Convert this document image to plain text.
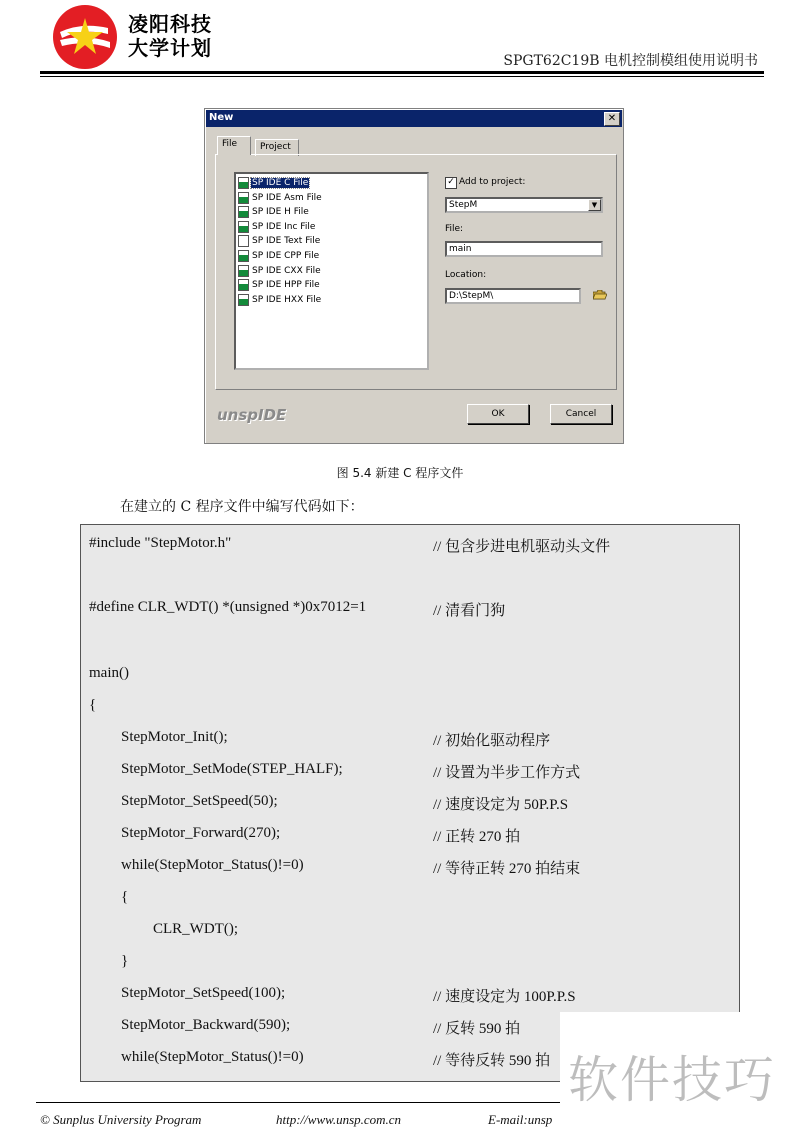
凌阳科技
大学计划
SPGT62C19B 电机控制模组使用说明书
New	✕
File	Project
SP IDE C File
SP IDE Asm File
SP IDE H File
SP IDE Inc File
SP IDE Text File
SP IDE CPP File
SP IDE CXX File
SP IDE HPP File
SP IDE HXX File
✓ Add to project:
StepM	▼
File:
main
Location:
D:\StepM\
unspIDE	OK	Cancel
图 5.4 新建 C 程序文件
在建立的 C 程序文件中编写代码如下：
#include "StepMotor.h"	// 包含步进电机驱动头文件
#define CLR_WDT() *(unsigned *)0x7012=1	// 清看门狗
main()
{
StepMotor_Init();	// 初始化驱动程序
StepMotor_SetMode(STEP_HALF);	// 设置为半步工作方式
StepMotor_SetSpeed(50);	// 速度设定为 50P.P.S
StepMotor_Forward(270);	// 正转 270 拍
while(StepMotor_Status()!=0)	// 等待正转 270 拍结束
{
CLR_WDT();
}
StepMotor_SetSpeed(100);	// 速度设定为 100P.P.S
StepMotor_Backward(590);	// 反转 590 拍
while(StepMotor_Status()!=0)	// 等待反转 590 拍 软件技巧
© Sunplus University Program	http://www.unsp.com.cn	E-mail:unsp
